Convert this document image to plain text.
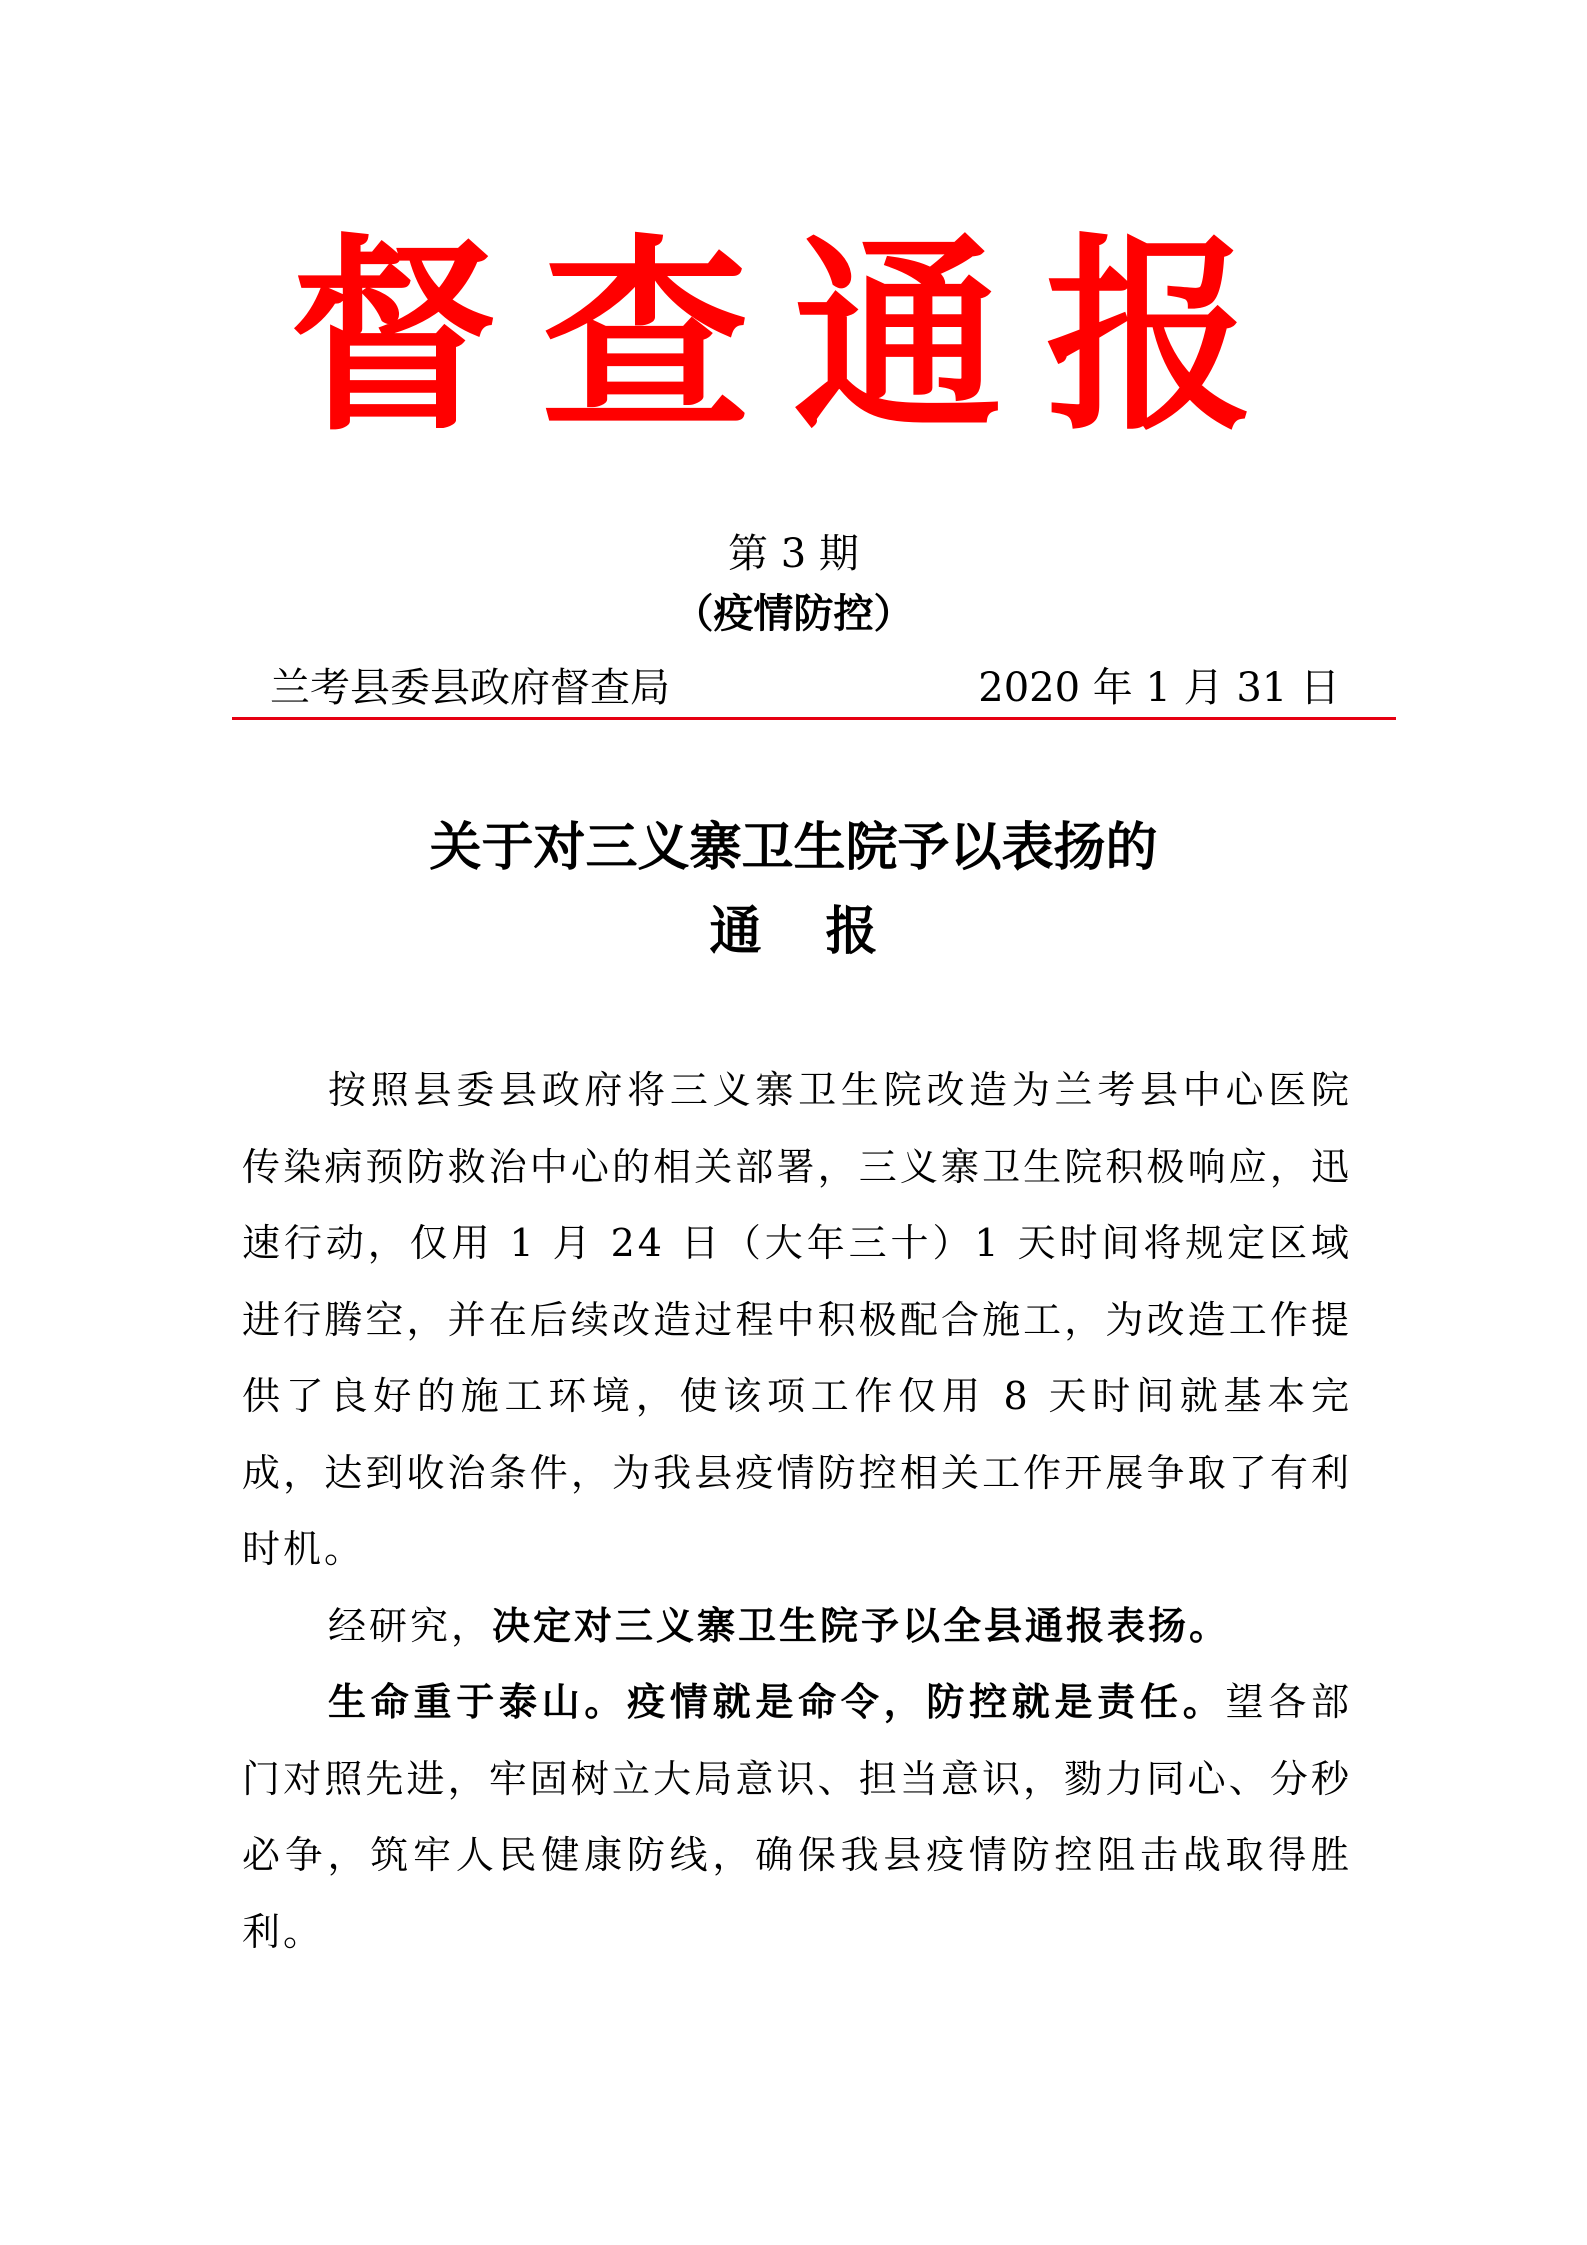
督查通报
第 3 期
（疫情防控）
兰考县委县政府督查局	2020 年 1 月 31 日
关于对三义寨卫生院予以表扬的
通报

按照县委县政府将三义寨卫生院改造为兰考县中心医院传染病预防救治中心的相关部署，三义寨卫生院积极响应，迅速行动，仅用 1 月 24 日（大年三十）1 天时间将规定区域进行腾空，并在后续改造过程中积极配合施工，为改造工作提供了良好的施工环境，使该项工作仅用 8 天时间就基本完成，达到收治条件，为我县疫情防控相关工作开展争取了有利时机。

经研究，决定对三义寨卫生院予以全县通报表扬。

生命重于泰山。疫情就是命令，防控就是责任。望各部门对照先进，牢固树立大局意识、担当意识，勠力同心、分秒必争，筑牢人民健康防线，确保我县疫情防控阻击战取得胜利。
